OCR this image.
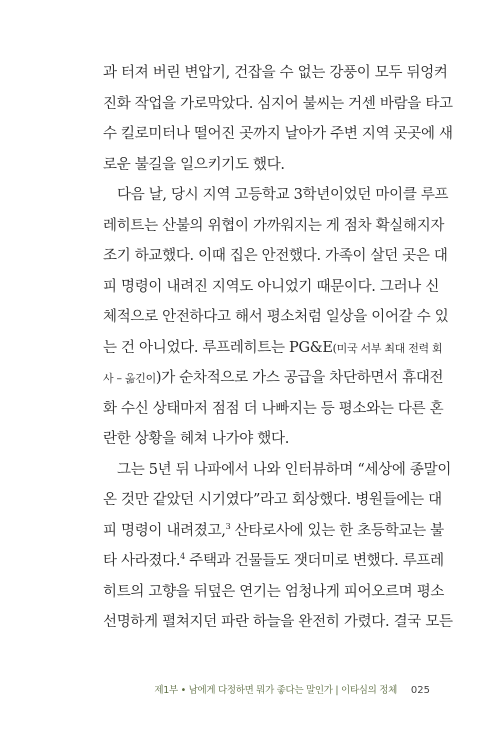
과 터져 버린 변압기, 건잡을 수 없는 강풍이 모두 뒤엉켜
진화 작업을 가로막았다. 심지어 불씨는 거센 바람을 타고
수 킬로미터나 떨어진 곳까지 날아가 주변 지역 곳곳에 새
로운 불길을 일으키기도 했다.
다음 날, 당시 지역 고등학교 3학년이었던 마이클 루프
레히트는 산불의 위협이 가까워지는 게 점차 확실해지자
조기 하교했다. 이때 집은 안전했다. 가족이 살던 곳은 대
피 명령이 내려진 지역도 아니었기 때문이다. 그러나 신
체적으로 안전하다고 해서 평소처럼 일상을 이어갈 수 있
는 건 아니었다. 루프레히트는 PG&E(미국 서부 최대 전력 회
사 – 옮긴이)가 순차적으로 가스 공급을 차단하면서 휴대전
화 수신 상태마저 점점 더 나빠지는 등 평소와는 다른 혼
란한 상황을 헤쳐 나가야 했다.
그는 5년 뒤 나파에서 나와 인터뷰하며 “세상에 종말이
온 것만 같았던 시기였다”라고 회상했다. 병원들에는 대
피 명령이 내려졌고,$^3$ 산타로사에 있는 한 초등학교는 불
타 사라졌다.$^4$ 주택과 건물들도 잿더미로 변했다. 루프레
히트의 고향을 뒤덮은 연기는 엄청나게 피어오르며 평소
선명하게 펼쳐지던 파란 하늘을 완전히 가렸다. 결국 모든
제1부 • 남에게 다정하면 뭐가 좋다는 말인가 | 이타심의 정체 025
